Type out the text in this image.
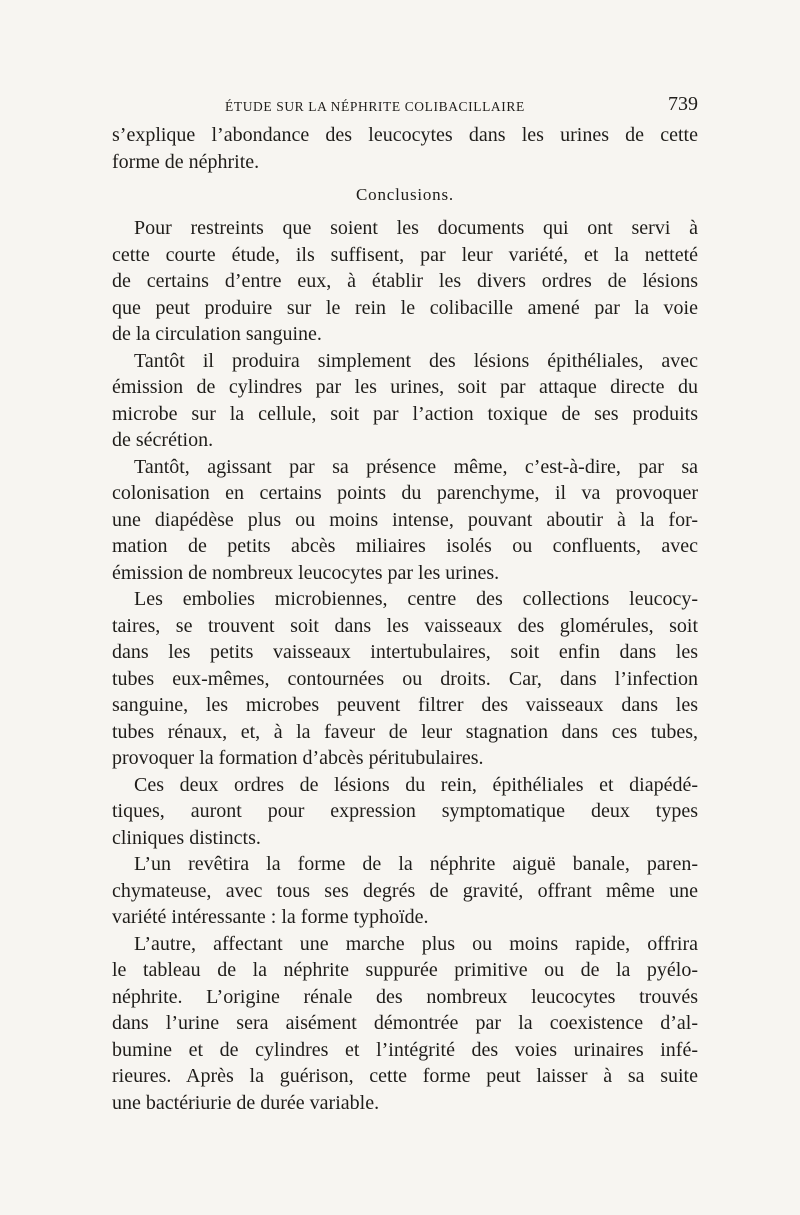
ÉTUDE SUR LA NÉPHRITE COLIBACILLAIRE	739
s’explique l’abondance des leucocytes dans les urines de cette
forme de néphrite.
Conclusions.
Pour restreints que soient les documents qui ont servi à
cette courte étude, ils suffisent, par leur variété, et la netteté
de certains d’entre eux, à établir les divers ordres de lésions
que peut produire sur le rein le colibacille amené par la voie
de la circulation sanguine.
Tantôt il produira simplement des lésions épithéliales, avec
émission de cylindres par les urines, soit par attaque directe du
microbe sur la cellule, soit par l’action toxique de ses produits
de sécrétion.
Tantôt, agissant par sa présence même, c’est-à-dire, par sa
colonisation en certains points du parenchyme, il va provoquer
une diapédèse plus ou moins intense, pouvant aboutir à la for-
mation de petits abcès miliaires isolés ou confluents, avec
émission de nombreux leucocytes par les urines.
Les embolies microbiennes, centre des collections leucocy-
taires, se trouvent soit dans les vaisseaux des glomérules, soit
dans les petits vaisseaux intertubulaires, soit enfin dans les
tubes eux-mêmes, contournées ou droits. Car, dans l’infection
sanguine, les microbes peuvent filtrer des vaisseaux dans les
tubes rénaux, et, à la faveur de leur stagnation dans ces tubes,
provoquer la formation d’abcès péritubulaires.
Ces deux ordres de lésions du rein, épithéliales et diapédé-
tiques, auront pour expression symptomatique deux types
cliniques distincts.
L’un revêtira la forme de la néphrite aiguë banale, paren-
chymateuse, avec tous ses degrés de gravité, offrant même une
variété intéressante : la forme typhoïde.
L’autre, affectant une marche plus ou moins rapide, offrira
le tableau de la néphrite suppurée primitive ou de la pyélo-
néphrite. L’origine rénale des nombreux leucocytes trouvés
dans l’urine sera aisément démontrée par la coexistence d’al-
bumine et de cylindres et l’intégrité des voies urinaires infé-
rieures. Après la guérison, cette forme peut laisser à sa suite
une bactériurie de durée variable.
